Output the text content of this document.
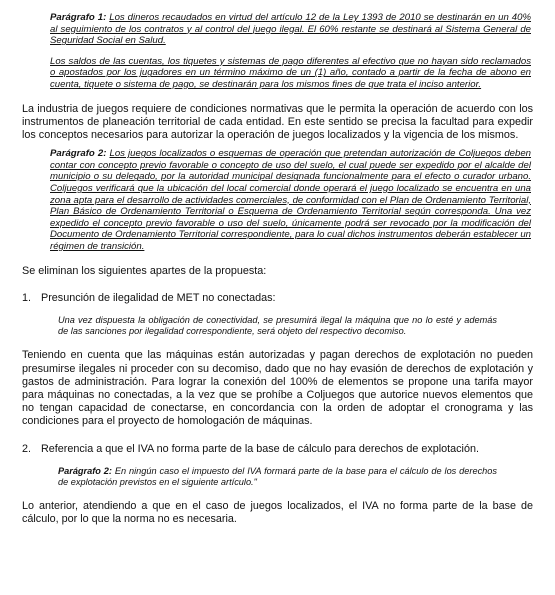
Parágrafo 1: Los dineros recaudados en virtud del artículo 12 de la Ley 1393 de 2010 se destinarán en un 40% al seguimiento de los contratos y al control del juego ilegal. El 60% restante se destinará al Sistema General de Seguridad Social en Salud.
Los saldos de las cuentas, los tiquetes y sistemas de pago diferentes al efectivo que no hayan sido reclamados o apostados por los jugadores en un término máximo de un (1) año, contado a partir de la fecha de abono en cuenta, tiquete o sistema de pago, se destinarán para los mismos fines de que trata el inciso anterior.
La industria de juegos requiere de condiciones normativas que le permita la operación de acuerdo con los instrumentos de planeación territorial de cada entidad. En este sentido se precisa la facultad para expedir los conceptos necesarios para autorizar la operación de juegos localizados y la vigencia de los mismos.
Parágrafo 2: Los juegos localizados o esquemas de operación que pretendan autorización de Coljuegos deben contar con concepto previo favorable o concepto de uso del suelo, el cual puede ser expedido por el alcalde del municipio o su delegado, por la autoridad municipal designada funcionalmente para el efecto o curador urbano. Coljuegos verificará que la ubicación del local comercial donde operará el juego localizado se encuentra en una zona apta para el desarrollo de actividades comerciales, de conformidad con el Plan de Ordenamiento Territorial, Plan Básico de Ordenamiento Territorial o Esquema de Ordenamiento Territorial según corresponda. Una vez expedido el concepto previo favorable o uso del suelo, únicamente podrá ser revocado por la modificación del Documento de Ordenamiento Territorial correspondiente, para lo cual dichos instrumentos deberán establecer un régimen de transición.
Se eliminan los siguientes apartes de la propuesta:
1. Presunción de ilegalidad de MET no conectadas:
Una vez dispuesta la obligación de conectividad, se presumirá ilegal la máquina que no lo esté y además de las sanciones por ilegalidad correspondiente, será objeto del respectivo decomiso.
Teniendo en cuenta que las máquinas están autorizadas y pagan derechos de explotación no pueden presumirse ilegales ni proceder con su decomiso, dado que no hay evasión de derechos de explotación y gastos de administración. Para lograr la conexión del 100% de elementos se propone una tarifa mayor para máquinas no conectadas, a la vez que se prohíbe a Coljuegos que autorice nuevos elementos que no tengan capacidad de conectarse, en concordancia con la orden de adoptar el cronograma y las condiciones para el proyecto de homologación de máquinas.
2. Referencia a que el IVA no forma parte de la base de cálculo para derechos de explotación.
Parágrafo 2: En ningún caso el impuesto del IVA formará parte de la base para el cálculo de los derechos de explotación previstos en el siguiente artículo."
Lo anterior, atendiendo a que en el caso de juegos localizados, el IVA no forma parte de la base de cálculo, por lo que la norma no es necesaria.
